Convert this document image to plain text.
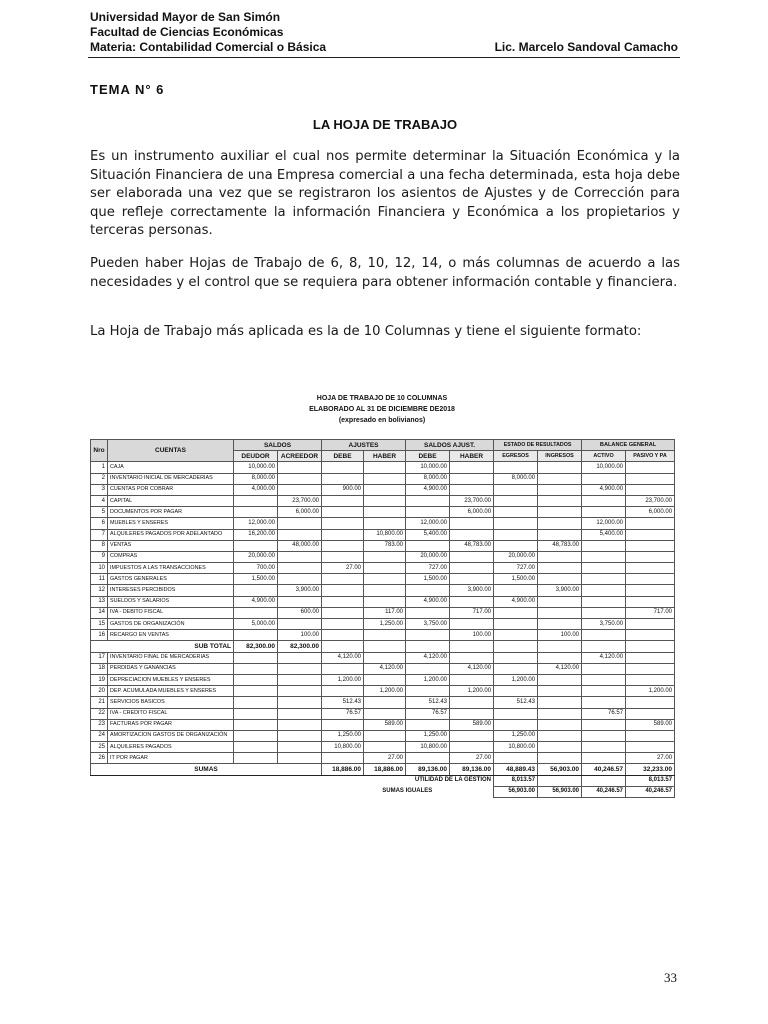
Universidad Mayor de San Simón
Facultad de Ciencias Económicas
Materia: Contabilidad Comercial o Básica	Lic. Marcelo Sandoval Camacho
TEMA N° 6
LA HOJA DE TRABAJO
Es un instrumento auxiliar el cual nos permite determinar la Situación Económica y la Situación Financiera de una Empresa comercial a una fecha determinada, esta hoja debe ser elaborada una vez que se registraron los asientos de Ajustes y de Corrección para que refleje correctamente la información Financiera y Económica a los propietarios y terceras personas.
Pueden haber Hojas de Trabajo de 6, 8, 10, 12, 14, o más columnas de acuerdo a las necesidades y el control que se requiera para obtener información contable y financiera.
La Hoja de Trabajo más aplicada es la de 10 Columnas y tiene el siguiente formato:
HOJA DE TRABAJO DE 10 COLUMNAS
ELABORADO AL 31 DE DICIEMBRE DE2018
(expresado en bolivianos)
Nro	CUENTAS	SALDOS		AJUSTES		SALDOS AJUST.		ESTADO DE RESULTADOS		BALANCE GENERAL	
		DEUDOR	ACREEDOR	DEBE	HABER	DEBE	HABER	EGRESOS	INGRESOS	ACTIVO	PASIVO Y PA
1	CAJA	10,000.00				10,000.00				10,000.00	
2	INVENTARIO INICIAL DE MERCADERIAS	8,000.00				8,000.00		8,000.00			
3	CUENTAS POR COBRAR	4,000.00		900.00		4,900.00				4,900.00	
4	CAPITAL		23,700.00				23,700.00				23,700.00
5	DOCUMENTOS POR PAGAR		6,000.00				6,000.00				6,000.00
6	MUEBLES Y ENSERES	12,000.00				12,000.00				12,000.00	
7	ALQUILERES PAGADOS POR ADELANTADO	16,200.00			10,800.00	5,400.00				5,400.00	
8	VENTAS		48,000.00		783.00		48,783.00		48,783.00		
9	COMPRAS	20,000.00				20,000.00		20,000.00			
10	IMPUESTOS A LAS TRANSACCIONES	700.00		27.00		727.00		727.00			
11	GASTOS GENERALES	1,500.00				1,500.00		1,500.00			
12	INTERESES PERCIBIDOS		3,900.00				3,900.00		3,900.00		
13	SUELDOS Y SALARIOS	4,900.00				4,900.00		4,900.00			
14	IVA - DEBITO FISCAL		600.00		117.00		717.00				717.00
15	GASTOS DE ORGANIZACIÓN	5,000.00			1,250.00	3,750.00				3,750.00	
16	RECARGO EN VENTAS		100.00				100.00		100.00		
SUB TOTAL		82,300.00	82,300.00								
17	INVENTARIO FINAL DE MERCADERIAS			4,120.00		4,120.00				4,120.00	
18	PERDIDAS Y GANANCIAS				4,120.00		4,120.00		4,120.00		
19	DEPRECIACION MUEBLES Y ENSERES			1,200.00		1,200.00		1,200.00			
20	DEP. ACUMULADA MUEBLES Y ENSERES				1,200.00		1,200.00				1,200.00
21	SERVICIOS BASICOS			512.43		512.43		512.43			
22	IVA - CREDITO FISCAL			76.57		76.57				76.57	
23	FACTURAS POR PAGAR				589.00		589.00				589.00
24	AMORTIZACION GASTOS DE ORGANIZACIÓN			1,250.00		1,250.00		1,250.00			
25	ALQUILERES PAGADOS			10,800.00		10,800.00		10,800.00			
26	IT POR PAGAR				27.00		27.00				27.00
SUMAS				18,886.00	18,886.00	89,136.00	89,136.00	48,889.43	56,903.00	40,246.57	32,233.00
				UTILIDAD DE LA GESTION				8,013.57			8,013.57
				SUMAS IGUALES				56,903.00	56,903.00	40,246.57	40,246.57
33
